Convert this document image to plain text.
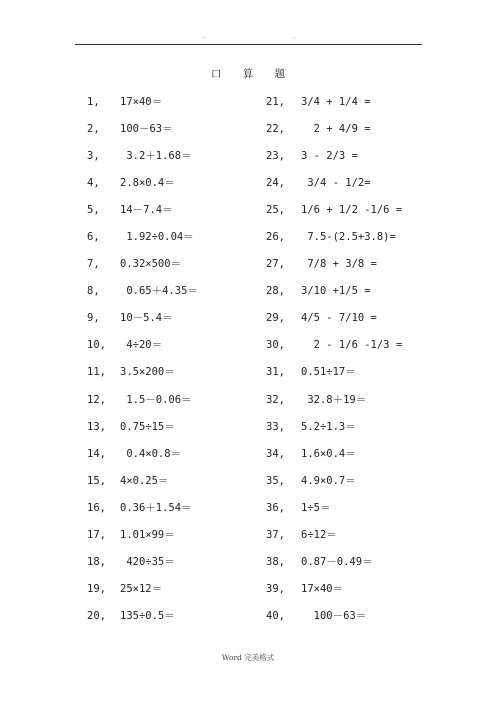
.	.
口 算 题
1,	17×40＝
2,	100－63＝
3,	3.2＋1.68＝
4,	2.8×0.4＝
5,	14－7.4＝
6,	1.92÷0.04＝
7,	0.32×500＝
8,	0.65＋4.35＝
9,	10－5.4＝
10,	4÷20＝
11,	3.5×200＝
12,	1.5－0.06＝
13,	0.75÷15＝
14,	0.4×0.8＝
15,	4×0.25＝
16,	0.36＋1.54＝
17,	1.01×99＝
18,	420÷35＝
19,	25×12＝
20,	135÷0.5＝
21,	3/4 + 1/4 =
22,	2 + 4/9 =
23,	3 - 2/3 =
24,	3/4 - 1/2=
25,	1/6 + 1/2 -1/6 =
26,	7.5-(2.5+3.8)=
27,	7/8 + 3/8 =
28,	3/10 +1/5 =
29,	4/5 - 7/10 =
30,	2 - 1/6 -1/3 =
31,	0.51÷17＝
32,	32.8＋19＝
33,	5.2÷1.3＝
34,	1.6×0.4＝
35,	4.9×0.7＝
36,	1÷5＝
37,	6÷12＝
38,	0.87－0.49＝
39,	17×40＝
40,	100－63＝
Word 完美格式
